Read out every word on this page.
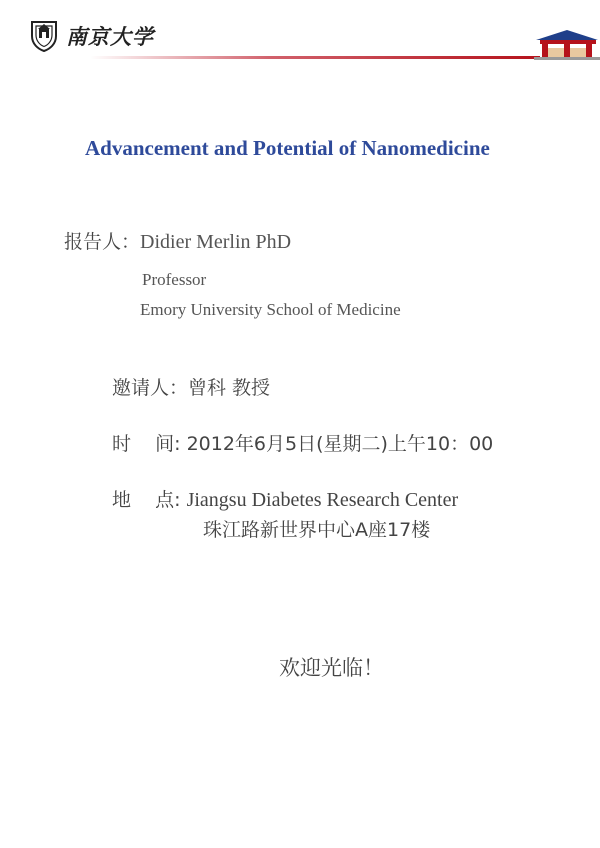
南京大学
Advancement and Potential of Nanomedicine
报告人：Didier Merlin PhD
Professor
Emory University School of Medicine
邀请人：曾科 教授
时    间: 2012年6月5日(星期二)上午10：00
地    点: Jiangsu Diabetes Research Center
珠江路新世界中心A座17楼
欢迎光临！
